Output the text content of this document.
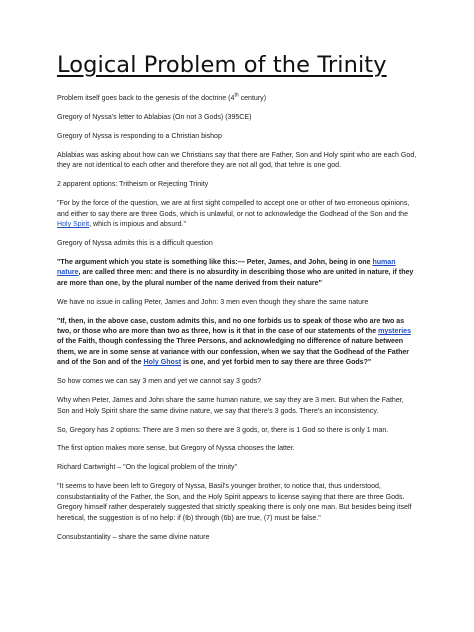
Logical Problem of the Trinity

Problem itself goes back to the genesis of the doctrine (4th century)

Gregory of Nyssa's letter to Ablabias (On not 3 Gods) (395CE)

Gregory of Nyssa is responding to a Christian bishop

Ablabias was asking about how can we Christians say that there are Father, Son and Holy spirit who are each God, they are not identical to each other and therefore they are not all god, that tehre is one god.

2 apparent options: Tritheism or Rejecting Trinity

"For by the force of the question, we are at first sight compelled to accept one or other of two erroneous opinions, and either to say there are three Gods, which is unlawful, or not to acknowledge the Godhead of the Son and the Holy Spirit, which is impious and absurd."

Gregory of Nyssa admits this is a difficult question

"The argument which you state is something like this:— Peter, James, and John, being in one human nature, are called three men: and there is no absurdity in describing those who are united in nature, if they are more than one, by the plural number of the name derived from their nature"

We have no issue in calling Peter, James and John: 3 men even though they share the same nature

"If, then, in the above case, custom admits this, and no one forbids us to speak of those who are two as two, or those who are more than two as three, how is it that in the case of our statements of the mysteries of the Faith, though confessing the Three Persons, and acknowledging no difference of nature between them, we are in some sense at variance with our confession, when we say that the Godhead of the Father and of the Son and of the Holy Ghost is one, and yet forbid men to say there are three Gods?"

So how comes we can say 3 men and yet we cannot say 3 gods?

Why when Peter, James and John share the same human nature, we say they are 3 men. But when the Father, Son and Holy Spirit share the same divine nature, we say that there's 3 gods. There's an inconsistency.

So, Gregory has 2 options: There are 3 men so there are 3 gods, or, there is 1 God so there is only 1 man.

The first option makes more sense, but Gregory of Nyssa chooses the latter.

Richard Cartwright – "On the logical problem of the trinity"

"It seems to have been left to Gregory of Nyssa, Basil's younger brother, to notice that, thus understood, consubstantiality of the Father, the Son, and the Holy Spirit appears to license saying that there are three Gods. Gregory himself rather desperately suggested that strictly speaking there is only one man. But besides being itself heretical, the suggestion is of no help: if (Ib) through (6b) are true, (7) must be false."

Consubstantiality – share the same divine nature
